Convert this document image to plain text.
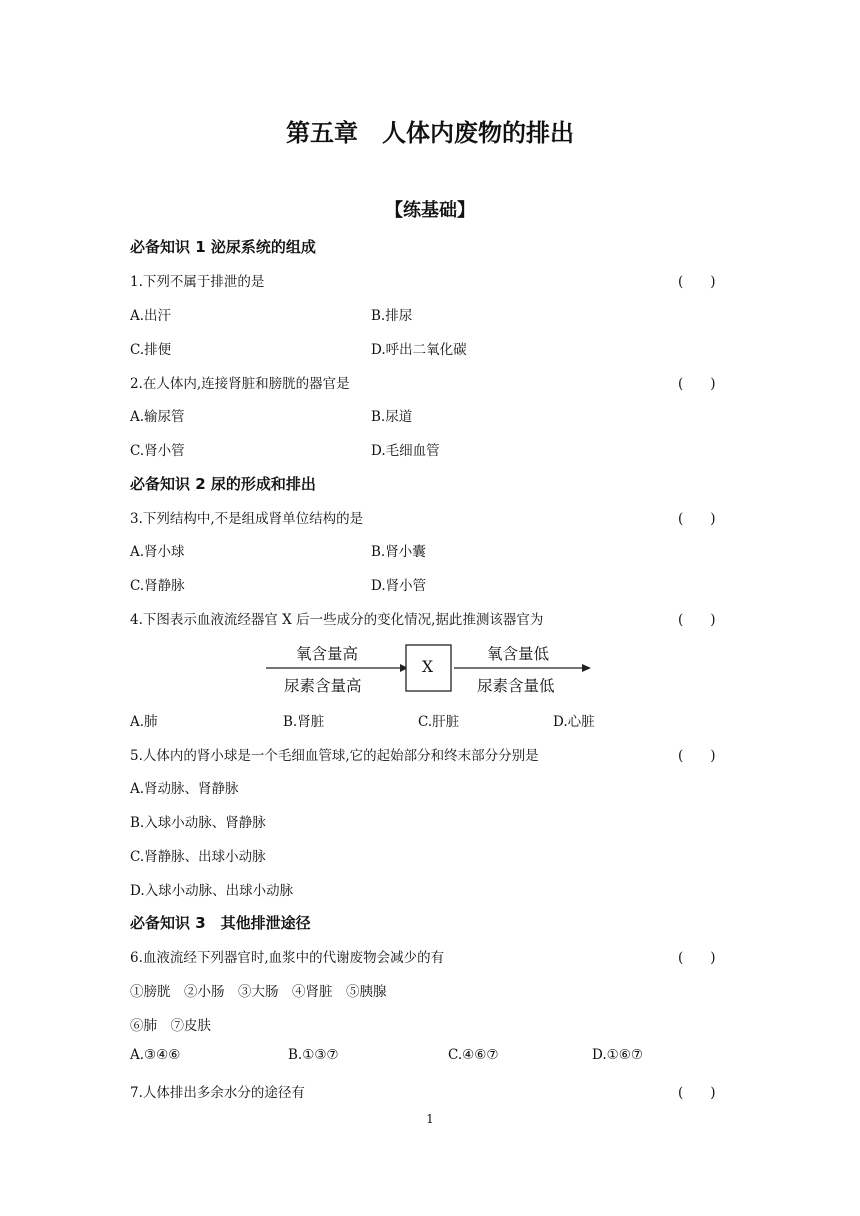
第五章　人体内废物的排出
【练基础】
必备知识 1 泌尿系统的组成
1.下列不属于排泄的是	(　　)
A.出汗	B.排尿
C.排便	D.呼出二氧化碳
2.在人体内,连接肾脏和膀胱的器官是	(　　)
A.输尿管	B.尿道
C.肾小管	D.毛细血管
必备知识 2 尿的形成和排出
3.下列结构中,不是组成肾单位结构的是	(　　)
A.肾小球	B.肾小囊
C.肾静脉	D.肾小管
4.下图表示血液流经器官 X 后一些成分的变化情况,据此推测该器官为	(　　)
氧含量高
尿素含量高
X
氧含量低
尿素含量低
A.肺	B.肾脏	C.肝脏	D.心脏
5.人体内的肾小球是一个毛细血管球,它的起始部分和终末部分分别是	(　　)
A.肾动脉、肾静脉
B.入球小动脉、肾静脉
C.肾静脉、出球小动脉
D.入球小动脉、出球小动脉
必备知识 3　其他排泄途径
6.血液流经下列器官时,血浆中的代谢废物会减少的有	(　　)
①膀胱　②小肠　③大肠　④肾脏　⑤胰腺
⑥肺　⑦皮肤
A.③④⑥	B.①③⑦	C.④⑥⑦	D.①⑥⑦
7.人体排出多余水分的途径有	(　　)
1
